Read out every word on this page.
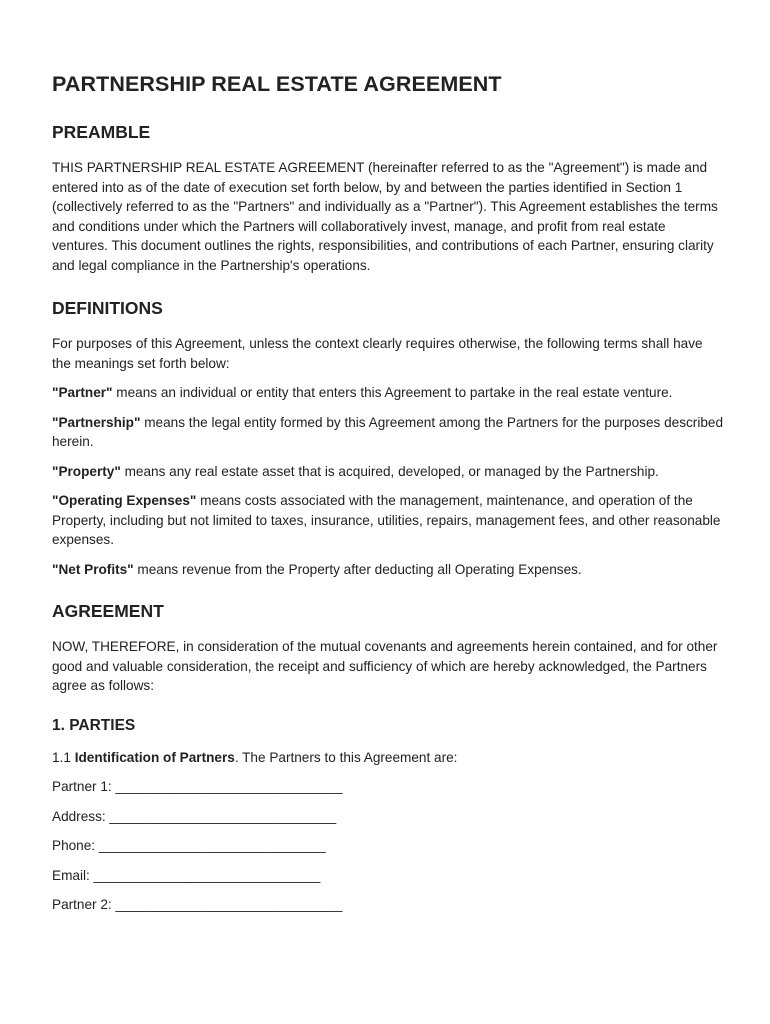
PARTNERSHIP REAL ESTATE AGREEMENT
PREAMBLE

THIS PARTNERSHIP REAL ESTATE AGREEMENT (hereinafter referred to as the "Agreement") is made and entered into as of the date of execution set forth below, by and between the parties identified in Section 1 (collectively referred to as the "Partners" and individually as a "Partner"). This Agreement establishes the terms and conditions under which the Partners will collaboratively invest, manage, and profit from real estate ventures. This document outlines the rights, responsibilities, and contributions of each Partner, ensuring clarity and legal compliance in the Partnership's operations.

DEFINITIONS

For purposes of this Agreement, unless the context clearly requires otherwise, the following terms shall have the meanings set forth below:

"Partner" means an individual or entity that enters this Agreement to partake in the real estate venture.

"Partnership" means the legal entity formed by this Agreement among the Partners for the purposes described herein.

"Property" means any real estate asset that is acquired, developed, or managed by the Partnership.

"Operating Expenses" means costs associated with the management, maintenance, and operation of the Property, including but not limited to taxes, insurance, utilities, repairs, management fees, and other reasonable expenses.

"Net Profits" means revenue from the Property after deducting all Operating Expenses.

AGREEMENT

NOW, THEREFORE, in consideration of the mutual covenants and agreements herein contained, and for other good and valuable consideration, the receipt and sufficiency of which are hereby acknowledged, the Partners agree as follows:

1. PARTIES

1.1 Identification of Partners. The Partners to this Agreement are:

Partner 1: ______________________________

Address: ______________________________

Phone: ______________________________

Email: ______________________________

Partner 2: ______________________________
